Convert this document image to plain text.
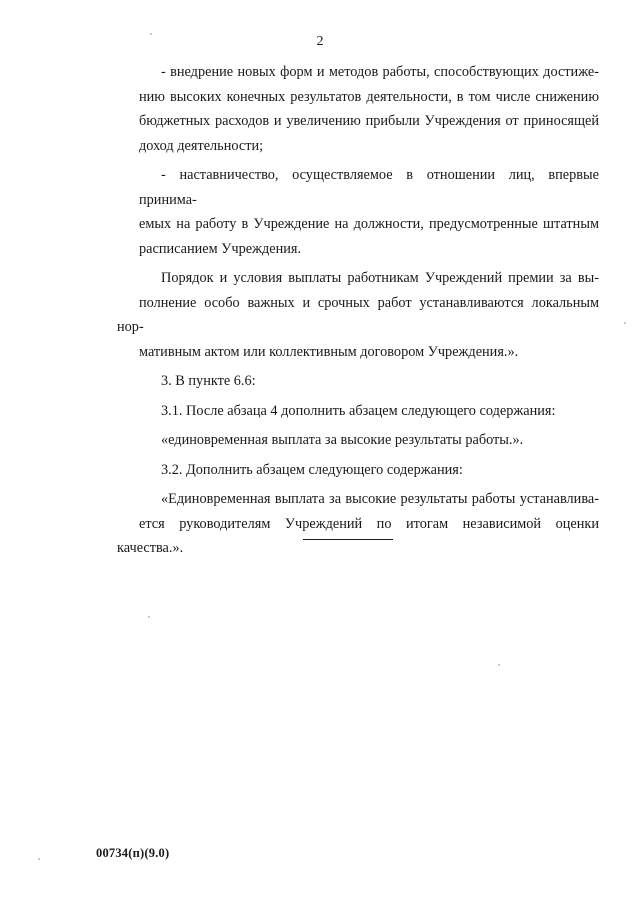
2
- внедрение новых форм и методов работы, способствующих достиже-
нию высоких конечных результатов деятельности, в том числе снижению
бюджетных расходов и увеличению прибыли Учреждения от приносящей
доход деятельности;
- наставничество, осуществляемое в отношении лиц, впервые принима-
емых на работу в Учреждение на должности, предусмотренные штатным
расписанием Учреждения.
Порядок и условия выплаты работникам Учреждений премии за вы-
полнение особо важных и срочных работ устанавливаются локальным нор-
мативным актом или коллективным договором Учреждения.».
3. В пункте 6.6:
3.1. После абзаца 4 дополнить абзацем следующего содержания:
«единовременная выплата за высокие результаты работы.».
3.2. Дополнить абзацем следующего содержания:
«Единовременная выплата за высокие результаты работы устанавлива-
ется руководителям Учреждений по итогам независимой оценки качества.».
00734(п)(9.0)
